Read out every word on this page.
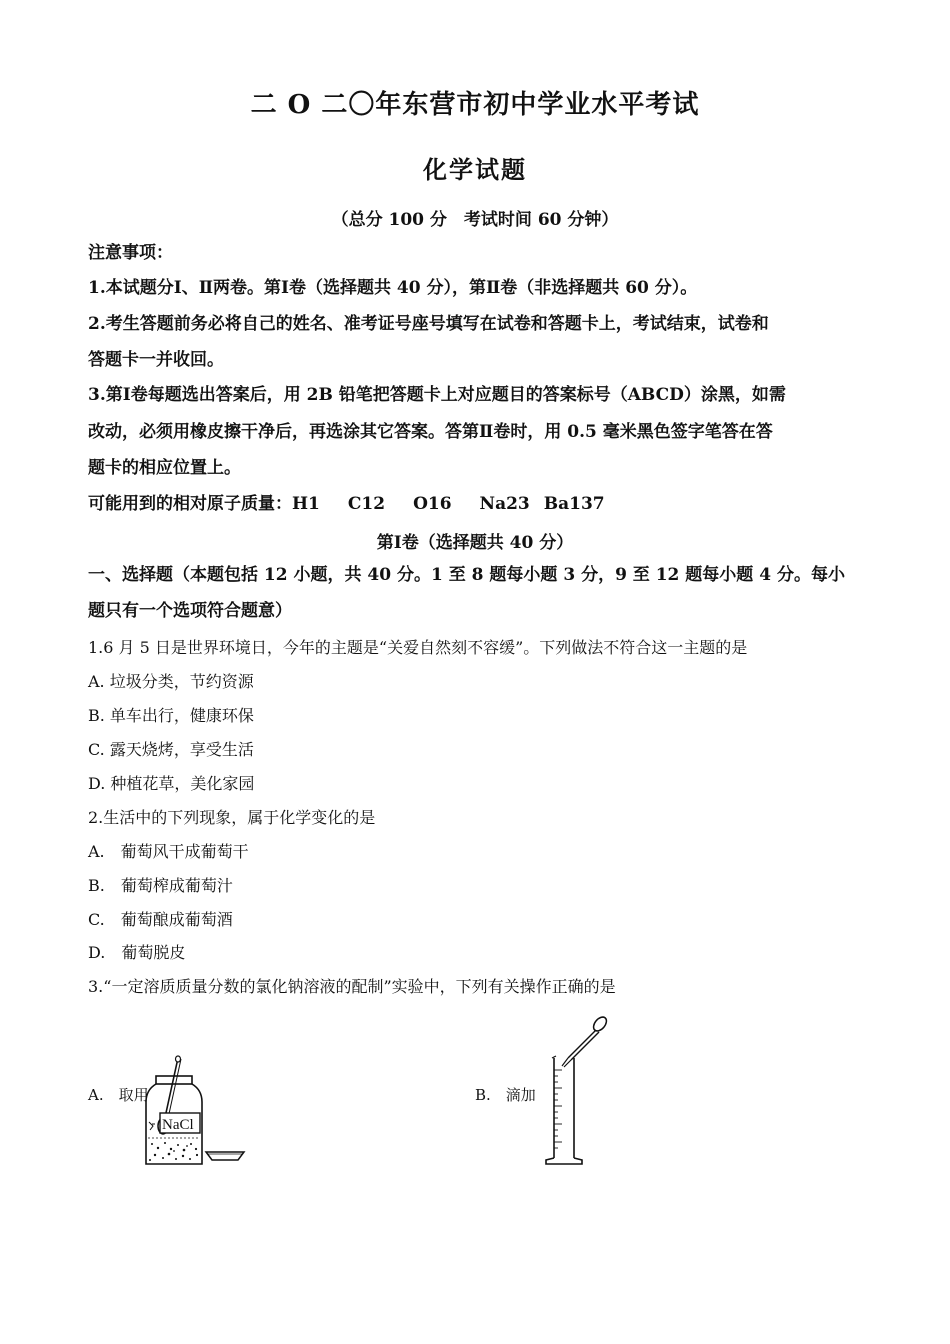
二 O 二〇年东营市初中学业水平考试
化学试题
（总分 100 分　考试时间 60 分钟）
注意事项：
1.本试题分Ⅰ、Ⅱ两卷。第Ⅰ卷（选择题共 40 分），第Ⅱ卷（非选择题共 60 分）。
2.考生答题前务必将自己的姓名、准考证号座号填写在试卷和答题卡上，考试结束，试卷和
答题卡一并收回。
3.第Ⅰ卷每题选出答案后，用 2B 铅笔把答题卡上对应题目的答案标号（ABCD）涂黑，如需
改动，必须用橡皮擦干净后，再选涂其它答案。答第Ⅱ卷时，用 0.5 毫米黑色签字笔答在答
题卡的相应位置上。
可能用到的相对原子质量：H1 C12 O16 Na23 Ba137
第Ⅰ卷（选择题共 40 分）
一、选择题（本题包括 12 小题，共 40 分。1 至 8 题每小题 3 分，9 至 12 题每小题 4 分。每小
题只有一个选项符合题意）
1.6 月 5 日是世界环境日，今年的主题是“关爱自然刻不容缓”。下列做法不符合这一主题的是
A. 垃圾分类，节约资源
B. 单车出行，健康环保
C. 露天烧烤，享受生活
D. 种植花草，美化家园
2.生活中的下列现象，属于化学变化的是
A.　葡萄风干成葡萄干
B.　葡萄榨成葡萄汁
C.　葡萄酿成葡萄酒
D.　葡萄脱皮
3.“一定溶质质量分数的氯化钠溶液的配制”实验中，下列有关操作正确的是
A.　取用	B.　滴加
NaCl
